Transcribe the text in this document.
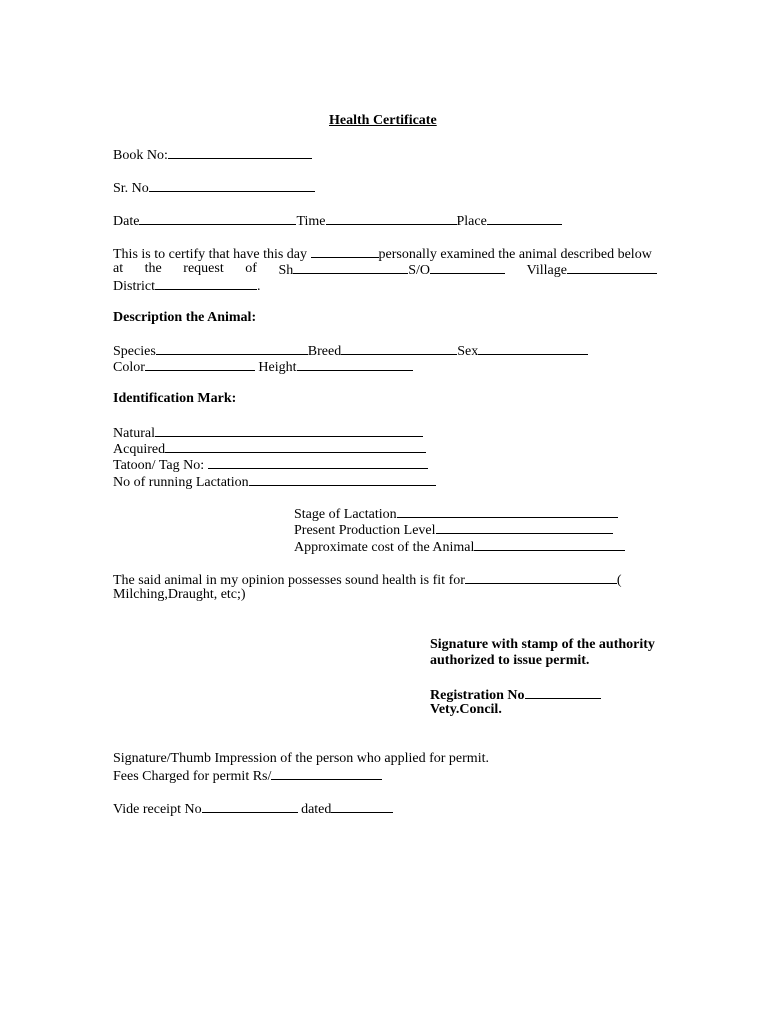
Health Certificate
Book No:
Sr. No
Date	Time	Place
This is to certify that have this day	personally examined the animal described below
at the request of Sh	S/O	Village
District	.
Description the Animal:
Species	Breed	Sex
Color	Height
Identification Mark:
Natural
Acquired
Tatoon/ Tag No:
No of running Lactation
Stage of Lactation
Present Production Level
Approximate cost of the Animal
The said animal in my opinion possesses sound health is fit for	(
Milching,Draught, etc;)
Signature with stamp of the authority
authorized to issue permit.
Registration No
Vety.Concil.
Signature/Thumb Impression of the person who applied for permit.
Fees Charged for permit Rs/
Vide receipt No	dated
